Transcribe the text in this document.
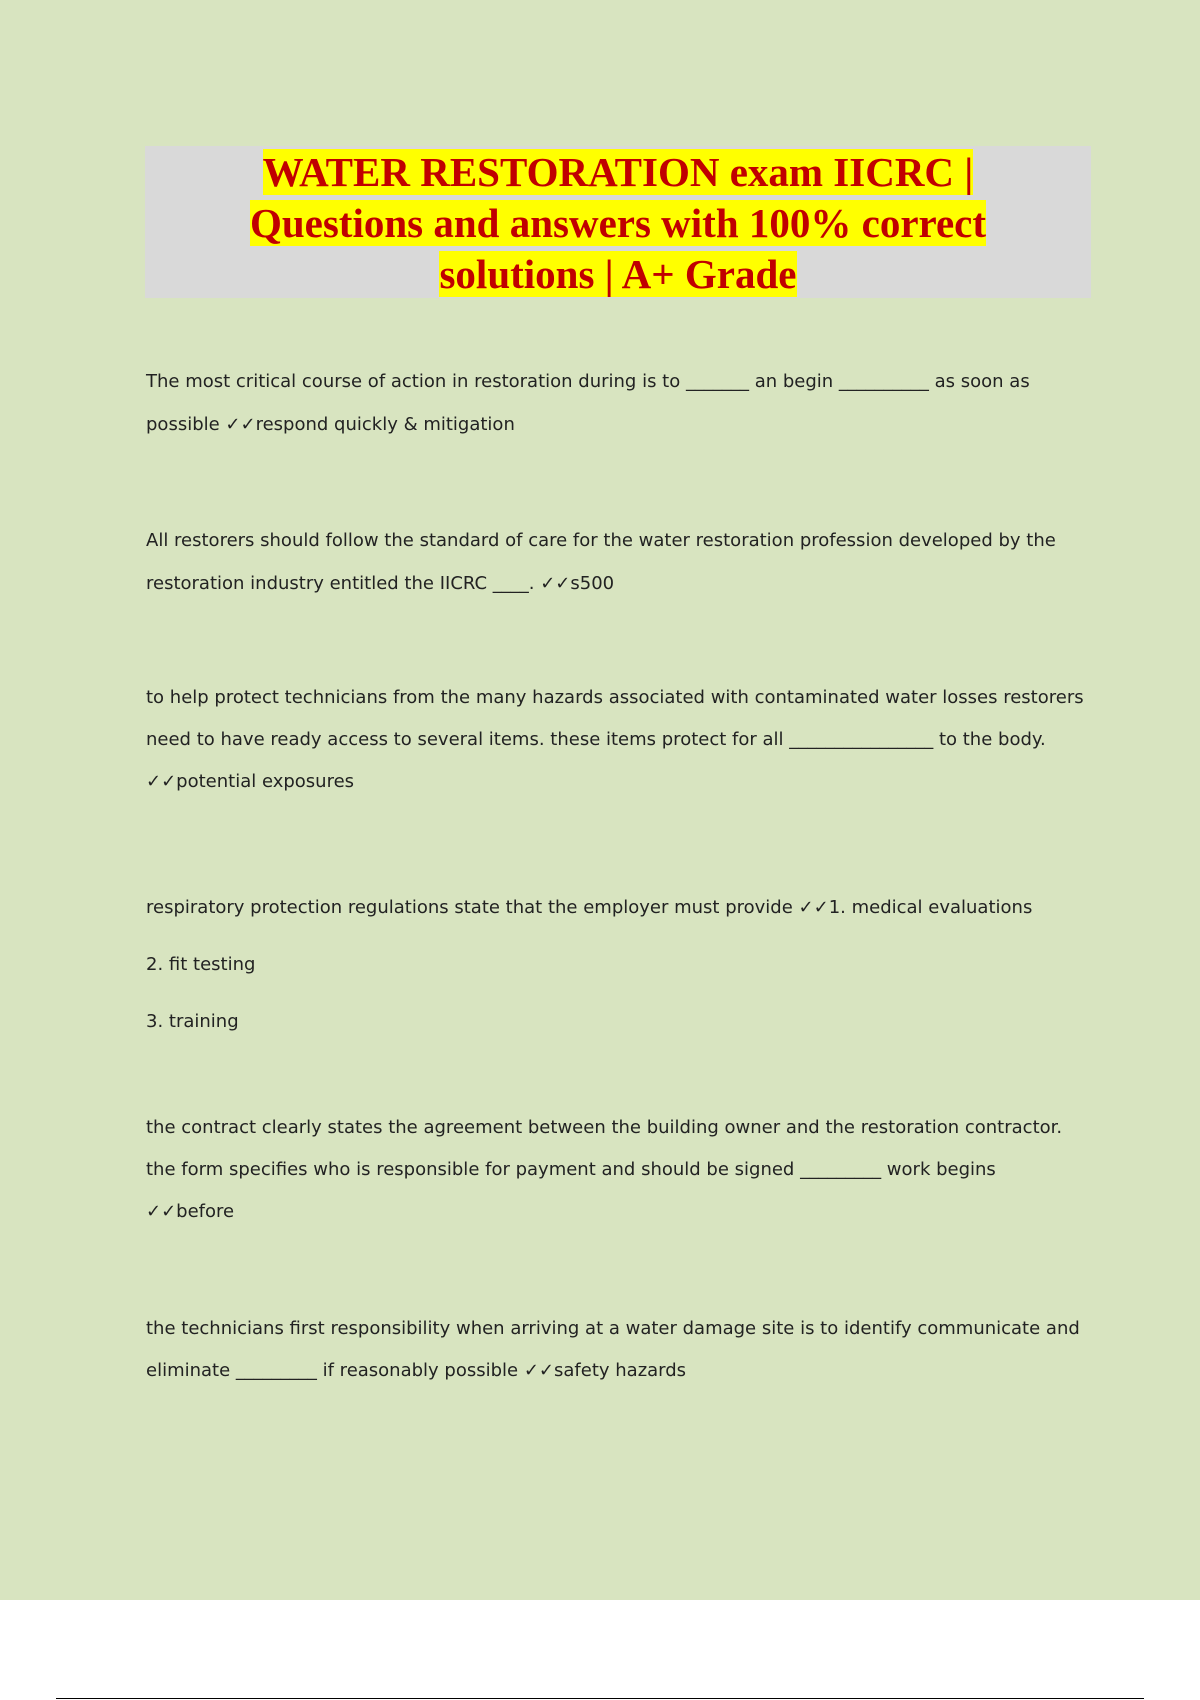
WATER RESTORATION exam IICRC |
Questions and answers with 100% correct
solutions | A+ Grade

The most critical course of action in restoration during is to _______ an begin __________ as soon as

possible ✓✓respond quickly & mitigation

All restorers should follow the standard of care for the water restoration profession developed by the

restoration industry entitled the IICRC ____. ✓✓s500

to help protect technicians from the many hazards associated with contaminated water losses restorers

need to have ready access to several items. these items protect for all ________________ to the body.

✓✓potential exposures

respiratory protection regulations state that the employer must provide ✓✓1. medical evaluations

2. fit testing

3. training

the contract clearly states the agreement between the building owner and the restoration contractor.

the form specifies who is responsible for payment and should be signed _________ work begins

✓✓before

the technicians first responsibility when arriving at a water damage site is to identify communicate and

eliminate _________ if reasonably possible ✓✓safety hazards
